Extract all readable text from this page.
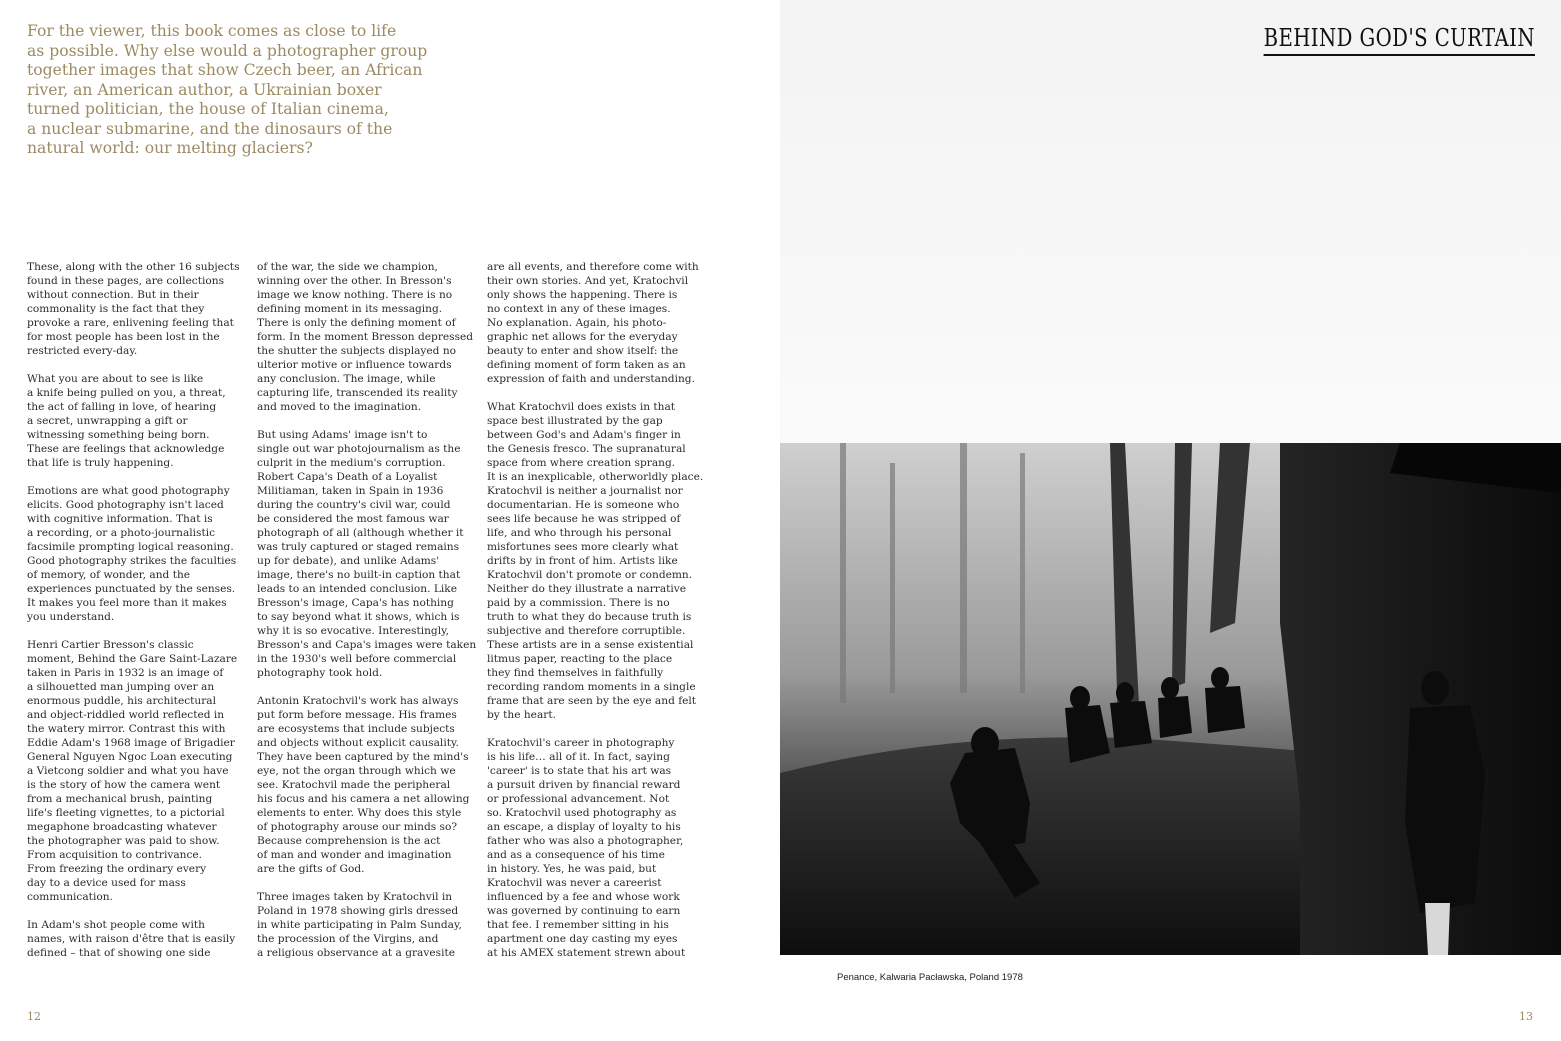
For the viewer, this book comes as close to life
as possible. Why else would a photographer group
together images that show Czech beer, an African
river, an American author, a Ukrainian boxer
turned politician, the house of Italian cinema,
a nuclear submarine, and the dinosaurs of the
natural world: our melting glaciers?
These, along with the other 16 subjects
found in these pages, are collections
without connection. But in their
commonality is the fact that they
provoke a rare, enlivening feeling that
for most people has been lost in the
restricted every-day.
What you are about to see is like
a knife being pulled on you, a threat,
the act of falling in love, of hearing
a secret, unwrapping a gift or
witnessing something being born.
These are feelings that acknowledge
that life is truly happening.
Emotions are what good photography
elicits. Good photography isn't laced
with cognitive information. That is
a recording, or a photo-journalistic
facsimile prompting logical reasoning.
Good photography strikes the faculties
of memory, of wonder, and the
experiences punctuated by the senses.
It makes you feel more than it makes
you understand.
Henri Cartier Bresson's classic
moment, Behind the Gare Saint-Lazare
taken in Paris in 1932 is an image of
a silhouetted man jumping over an
enormous puddle, his architectural
and object-riddled world reflected in
the watery mirror. Contrast this with
Eddie Adam's 1968 image of Brigadier
General Nguyen Ngoc Loan executing
a Vietcong soldier and what you have
is the story of how the camera went
from a mechanical brush, painting
life's fleeting vignettes, to a pictorial
megaphone broadcasting whatever
the photographer was paid to show.
From acquisition to contrivance.
From freezing the ordinary every
day to a device used for mass
communication.
In Adam's shot people come with
names, with raison d'être that is easily
defined – that of showing one side
of the war, the side we champion,
winning over the other. In Bresson's
image we know nothing. There is no
defining moment in its messaging.
There is only the defining moment of
form. In the moment Bresson depressed
the shutter the subjects displayed no
ulterior motive or influence towards
any conclusion. The image, while
capturing life, transcended its reality
and moved to the imagination.
But using Adams' image isn't to
single out war photojournalism as the
culprit in the medium's corruption.
Robert Capa's Death of a Loyalist
Militiaman, taken in Spain in 1936
during the country's civil war, could
be considered the most famous war
photograph of all (although whether it
was truly captured or staged remains
up for debate), and unlike Adams'
image, there's no built-in caption that
leads to an intended conclusion. Like
Bresson's image, Capa's has nothing
to say beyond what it shows, which is
why it is so evocative. Interestingly,
Bresson's and Capa's images were taken
in the 1930's well before commercial
photography took hold.
Antonin Kratochvil's work has always
put form before message. His frames
are ecosystems that include subjects
and objects without explicit causality.
They have been captured by the mind's
eye, not the organ through which we
see. Kratochvil made the peripheral
his focus and his camera a net allowing
elements to enter. Why does this style
of photography arouse our minds so?
Because comprehension is the act
of man and wonder and imagination
are the gifts of God.
Three images taken by Kratochvil in
Poland in 1978 showing girls dressed
in white participating in Palm Sunday,
the procession of the Virgins, and
a religious observance at a gravesite
are all events, and therefore come with
their own stories. And yet, Kratochvil
only shows the happening. There is
no context in any of these images.
No explanation. Again, his photo-
graphic net allows for the everyday
beauty to enter and show itself: the
defining moment of form taken as an
expression of faith and understanding.
What Kratochvil does exists in that
space best illustrated by the gap
between God's and Adam's finger in
the Genesis fresco. The supranatural
space from where creation sprang.
It is an inexplicable, otherworldly place.
Kratochvil is neither a journalist nor
documentarian. He is someone who
sees life because he was stripped of
life, and who through his personal
misfortunes sees more clearly what
drifts by in front of him. Artists like
Kratochvil don't promote or condemn.
Neither do they illustrate a narrative
paid by a commission. There is no
truth to what they do because truth is
subjective and therefore corruptible.
These artists are in a sense existential
litmus paper, reacting to the place
they find themselves in faithfully
recording random moments in a single
frame that are seen by the eye and felt
by the heart.
Kratochvil's career in photography
is his life… all of it. In fact, saying
'career' is to state that his art was
a pursuit driven by financial reward
or professional advancement. Not
so. Kratochvil used photography as
an escape, a display of loyalty to his
father who was also a photographer,
and as a consequence of his time
in history. Yes, he was paid, but
Kratochvil was never a careerist
influenced by a fee and whose work
was governed by continuing to earn
that fee. I remember sitting in his
apartment one day casting my eyes
at his AMEX statement strewn about
12
BEHIND GOD'S CURTAIN
Penance, Kalwaria Pacławska, Poland 1978
13
